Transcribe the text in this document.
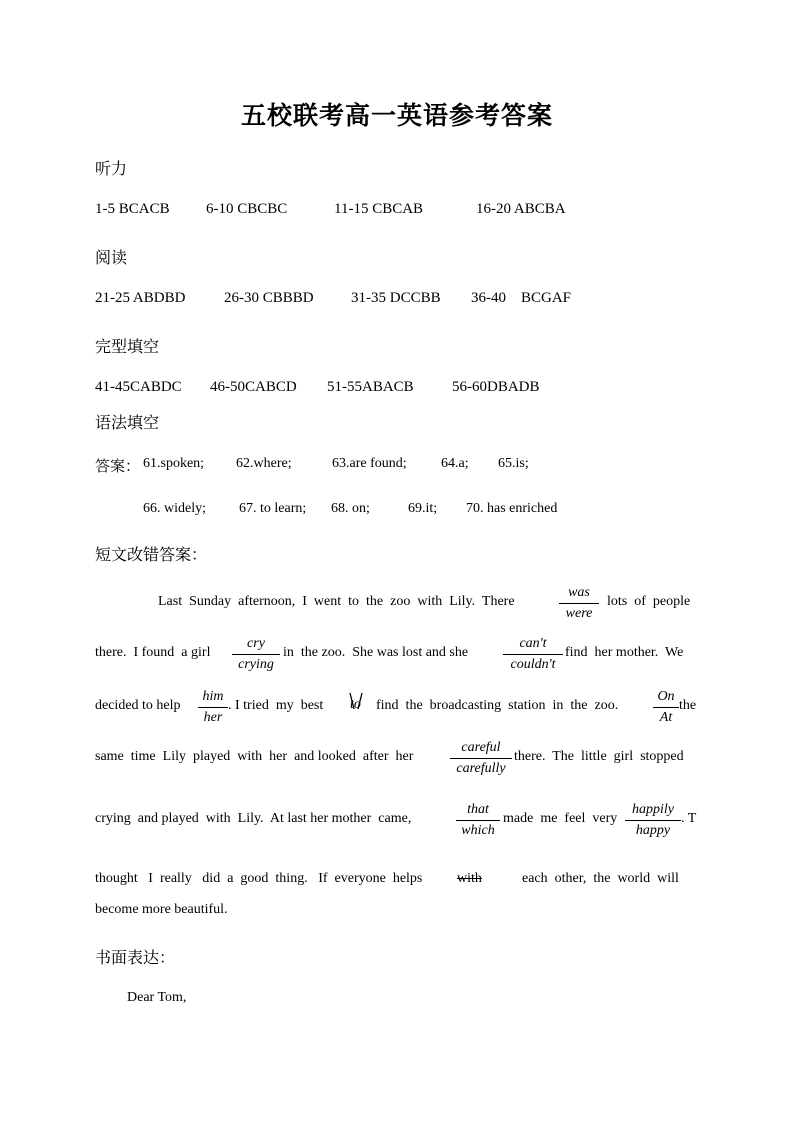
五校联考高一英语参考答案
听力
1-5 BCACB 6-10 CBCBC	11-15 CBCAB	16-20 ABCBA
阅读
21-25 ABDBD	26-30 CBBBD 31-35 DCCBB 36-40    BCGAF
完型填空
41-45CABDC 46-50CABCD 51-55ABACB	56-60DBADB
语法填空
答案： 61.spoken; 62.where;	63.are found; 64.a; 65.is;
66. widely; 67. to learn; 68. on;	69.it; 70. has enriched
短文改错答案：
Last  Sunday  afternoon,  I  went  to  the  zoo  with  Lily.  There
was
were
lots  of  people
there.  I found  a girl
cry
crying
in  the zoo.  She was lost and she
can't
couldn't
find  her mother.  We
decided to help
him
her
. I tried  my  best to find  the  broadcasting  station  in  the  zoo.
On
At
the
same  time  Lily  played  with  her  and looked  after  her
careful
carefully
there.  The  little  girl  stopped
crying  and played  with  Lily.  At last her mother  came,
that
which
made  me  feel  very
happily
happy
. T
thought   I  really   did  a  good  thing.   If  everyone  helps with	each  other,  the  world  will
become more beautiful.
书面表达：
Dear Tom,
